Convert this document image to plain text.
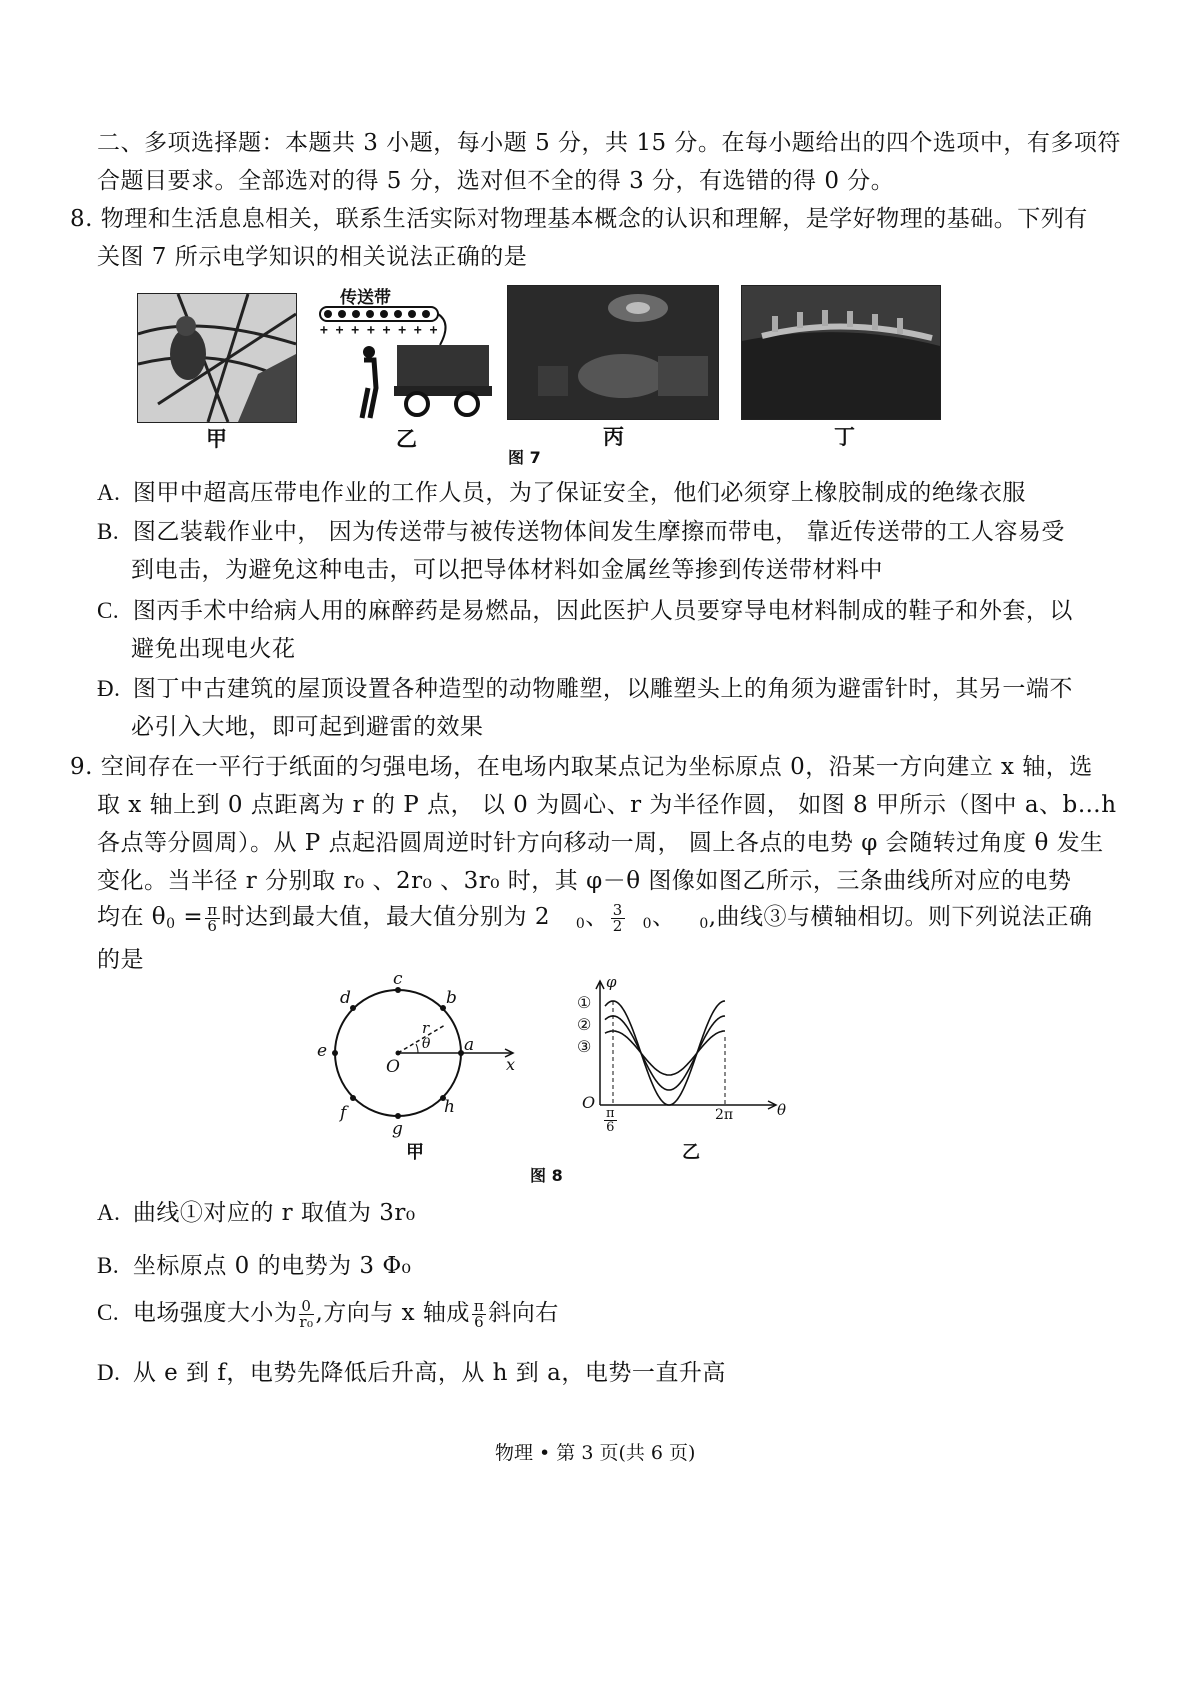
二、多项选择题：本题共 3 小题，每小题 5 分，共 15 分。在每小题给出的四个选项中，有多项符
合题目要求。全部选对的得 5 分，选对但不全的得 3 分，有选错的得 0 分。
8. 物理和生活息息相关，联系生活实际对物理基本概念的认识和理解，是学好物理的基础。下列有
关图 7 所示电学知识的相关说法正确的是
传送带
+ + + + + + + +
甲	乙	丙	丁
图 7
A. 图甲中超高压带电作业的工作人员，为了保证安全，他们必须穿上橡胶制成的绝缘衣服
B. 图乙装载作业中， 因为传送带与被传送物体间发生摩擦而带电， 靠近传送带的工人容易受
到电击，为避免这种电击，可以把导体材料如金属丝等掺到传送带材料中
C. 图丙手术中给病人用的麻醉药是易燃品，因此医护人员要穿导电材料制成的鞋子和外套，以
避免出现电火花
Đ. 图丁中古建筑的屋顶设置各种造型的动物雕塑，以雕塑头上的角须为避雷针时，其另一端不
必引入大地，即可起到避雷的效果
9. 空间存在一平行于纸面的匀强电场，在电场内取某点记为坐标原点 0，沿某一方向建立 x 轴，选
取 x 轴上到 0 点距离为 r 的 P 点， 以 0 为圆心、r 为半径作圆， 如图 8 甲所示（图中 a、b…h
各点等分圆周）。从 P 点起沿圆周逆时针方向移动一周， 圆上各点的电势 φ 会随转过角度 θ 发生
变化。当半径 r 分别取 r₀ 、2r₀ 、3r₀ 时，其 φ－θ 图像如图乙所示，三条曲线所对应的电势
均在 $\theta_0 = \frac{\pi}{6}$ 时达到最大值，最大值分别为 2 $_0$、 $\frac{3}{2} _0$、 $_0$,曲线③与横轴相切。则下列说法正确
的是
c
b
d
e	a
f
g
h
O	x
r
θ
甲
φ
θ
O
①
②
③
$\frac{\pi}{6}$	2π
乙
图 8
A. 曲线①对应的 r 取值为 3r₀
B. 坐标原点 0 的电势为 3 Φ₀
C. 电场强度大小为 $\frac{0}{\text{r₀}}$ ,方向与 x 轴成 $\frac{\pi}{6}$ 斜向右
D. 从 e 到 f，电势先降低后升高，从 h 到 a，电势一直升高
物理 • 第 3 页(共 6 页)
